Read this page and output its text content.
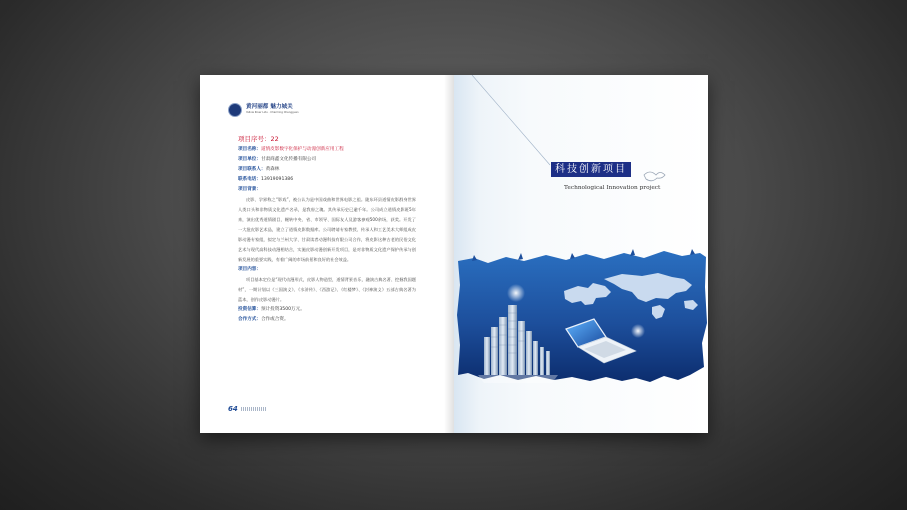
黄河丽都 魅力城关
Yellow River Lidu · Charming Chengguan
项目序号：22
项目名称：道情皮影数字化保护与动漫创新应用工程
项目单位：甘肃商鑫文化传播有限公司
项目联系人：黄森林
联系电话：13919091386
项目背景：

皮影、学界称之“影戏”，被公认为是中国戏曲和世界电影之祖。陇东环县道情皮影群身世界人类口头和非物质文化遗产名录，是我府之瑰。其传承历史已逾千年。公司成立道情皮影班5年来，演出优秀道情剧目，辗转中央、省、市领导、国际友人及游客参观500余场，获奖。开发了一大批皮影艺术品，建立了道情皮影数据库。公司聘请专家教授、传承人和工艺美术大师组成皮影动漫专家组，拟定与兰州大学、甘肃读者动漫科技有限公司合作，将皮影这种古老的民俗文化艺术与现代高科技动漫相结合，实施皮影动漫创新开发项目，是对非物质文化遗产保护传承与创新发展的重要实践，有着广阔的市场前景和良好的社会效益。

项目内容：

项目基本定位是“现代动漫形式，皮影人物造型，道情背景音乐，融演古典名著、挖掘我国题材”，一期计划以《三国演义》、《水浒传》、《西游记》、《红楼梦》、《封神演义》五部古典名著为蓝本，创作皮影动漫片。

投资估算：预计投资3500万元。
合作方式：合作或合资。
64
科技创新项目
Technological Innovation project
